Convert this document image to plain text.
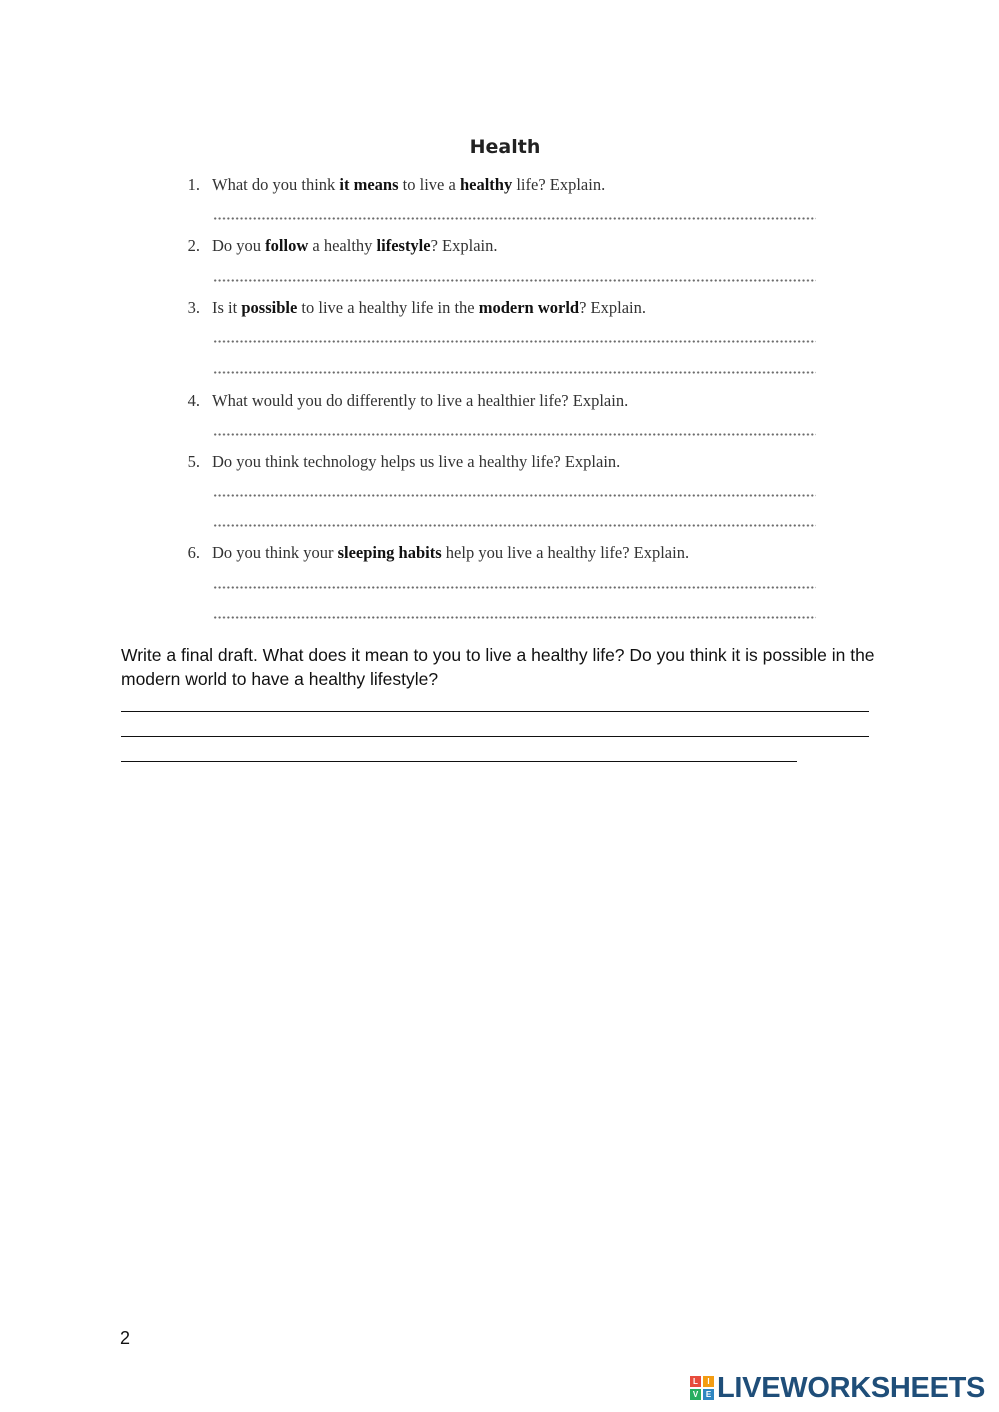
Health
1. What do you think it means to live a healthy life? Explain.
2. Do you follow a healthy lifestyle? Explain.
3. Is it possible to live a healthy life in the modern world? Explain.
4. What would you do differently to live a healthier life? Explain.
5. Do you think technology helps us live a healthy life? Explain.
6. Do you think your sleeping habits help you live a healthy life? Explain.
Write a final draft. What does it mean to you to live a healthy life? Do you think it is possible in the modern world to have a healthy lifestyle?
2
L	I
V E LIVEWORKSHEETS
